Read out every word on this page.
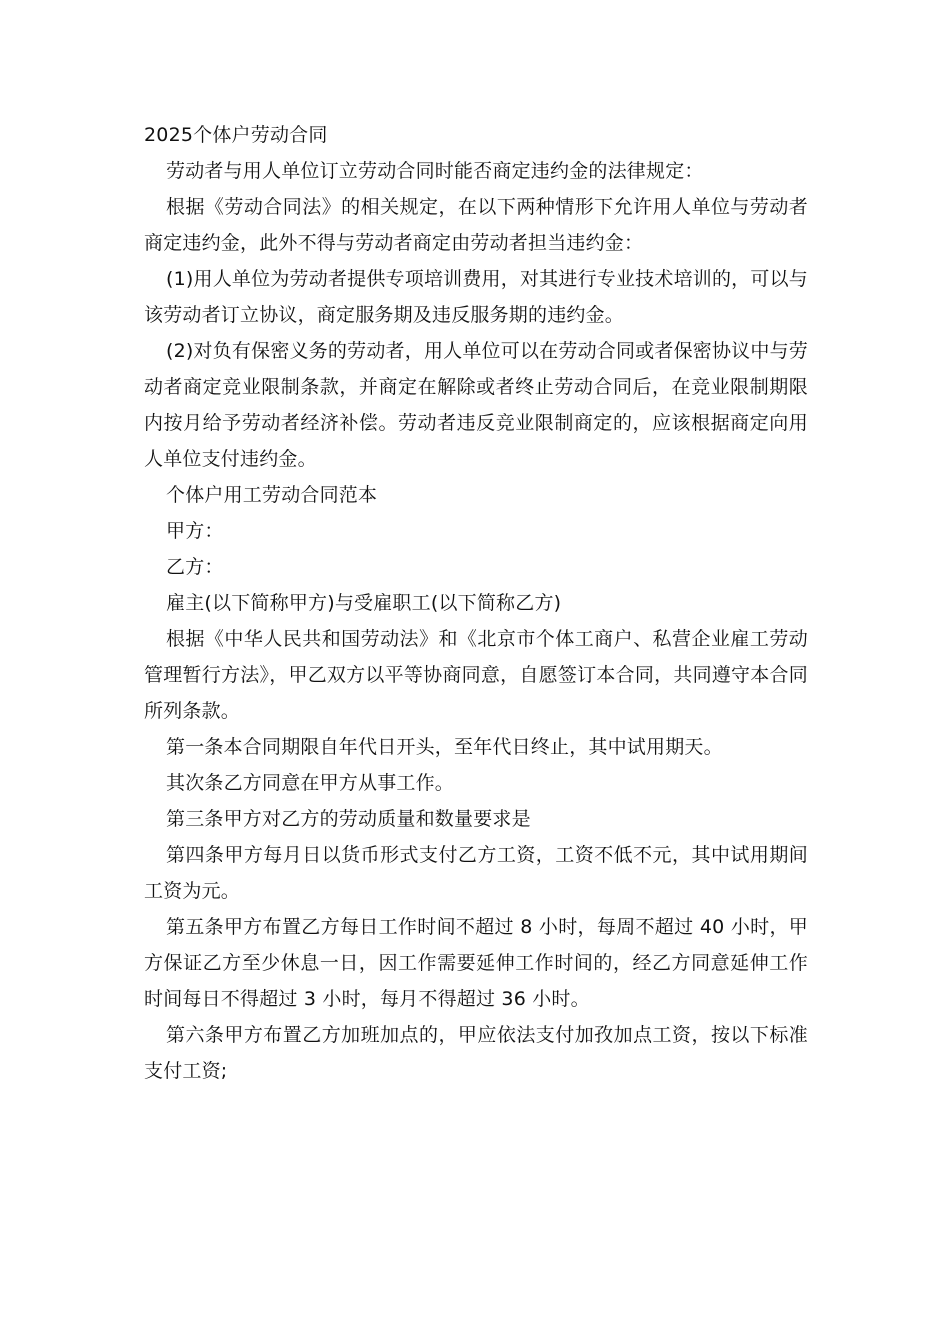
2025个体户劳动合同

劳动者与用人单位订立劳动合同时能否商定违约金的法律规定：

根据《劳动合同法》的相关规定，在以下两种情形下允许用人单位与劳动者商定违约金，此外不得与劳动者商定由劳动者担当违约金：

(1)用人单位为劳动者提供专项培训费用，对其进行专业技术培训的，可以与该劳动者订立协议，商定服务期及违反服务期的违约金。

(2)对负有保密义务的劳动者，用人单位可以在劳动合同或者保密协议中与劳动者商定竞业限制条款，并商定在解除或者终止劳动合同后，在竞业限制期限内按月给予劳动者经济补偿。劳动者违反竞业限制商定的，应该根据商定向用人单位支付违约金。

个体户用工劳动合同范本

甲方：

乙方：

雇主(以下简称甲方)与受雇职工(以下简称乙方)

根据《中华人民共和国劳动法》和《北京市个体工商户、私营企业雇工劳动管理暂行方法》，甲乙双方以平等协商同意，自愿签订本合同，共同遵守本合同所列条款。

第一条本合同期限自年代日开头，至年代日终止，其中试用期天。

其次条乙方同意在甲方从事工作。

第三条甲方对乙方的劳动质量和数量要求是

第四条甲方每月日以货币形式支付乙方工资，工资不低不元，其中试用期间工资为元。

第五条甲方布置乙方每日工作时间不超过 8 小时，每周不超过 40 小时，甲方保证乙方至少休息一日，因工作需要延伸工作时间的，经乙方同意延伸工作时间每日不得超过 3 小时，每月不得超过 36 小时。

第六条甲方布置乙方加班加点的，甲应依法支付加孜加点工资，按以下标准支付工资;
